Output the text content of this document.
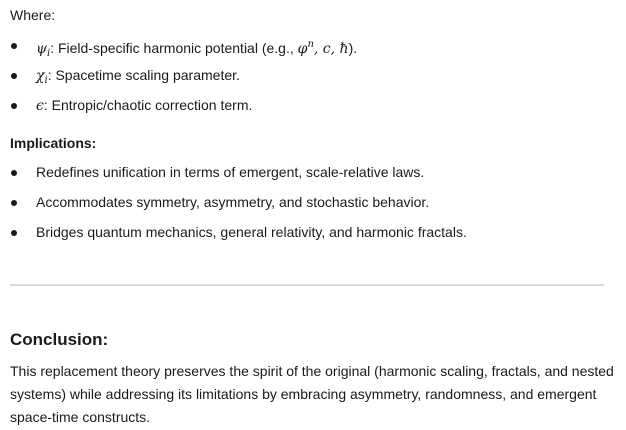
Where:
$\psi_i$: Field-specific harmonic potential (e.g., $\varphi^n$, c, ħ).
$\chi_i$: Spacetime scaling parameter.
ϵ: Entropic/chaotic correction term.
Implications:
Redefines unification in terms of emergent, scale-relative laws.
Accommodates symmetry, asymmetry, and stochastic behavior.
Bridges quantum mechanics, general relativity, and harmonic fractals.
Conclusion:
This replacement theory preserves the spirit of the original (harmonic scaling, fractals, and nested
systems) while addressing its limitations by embracing asymmetry, randomness, and emergent
space-time constructs.
